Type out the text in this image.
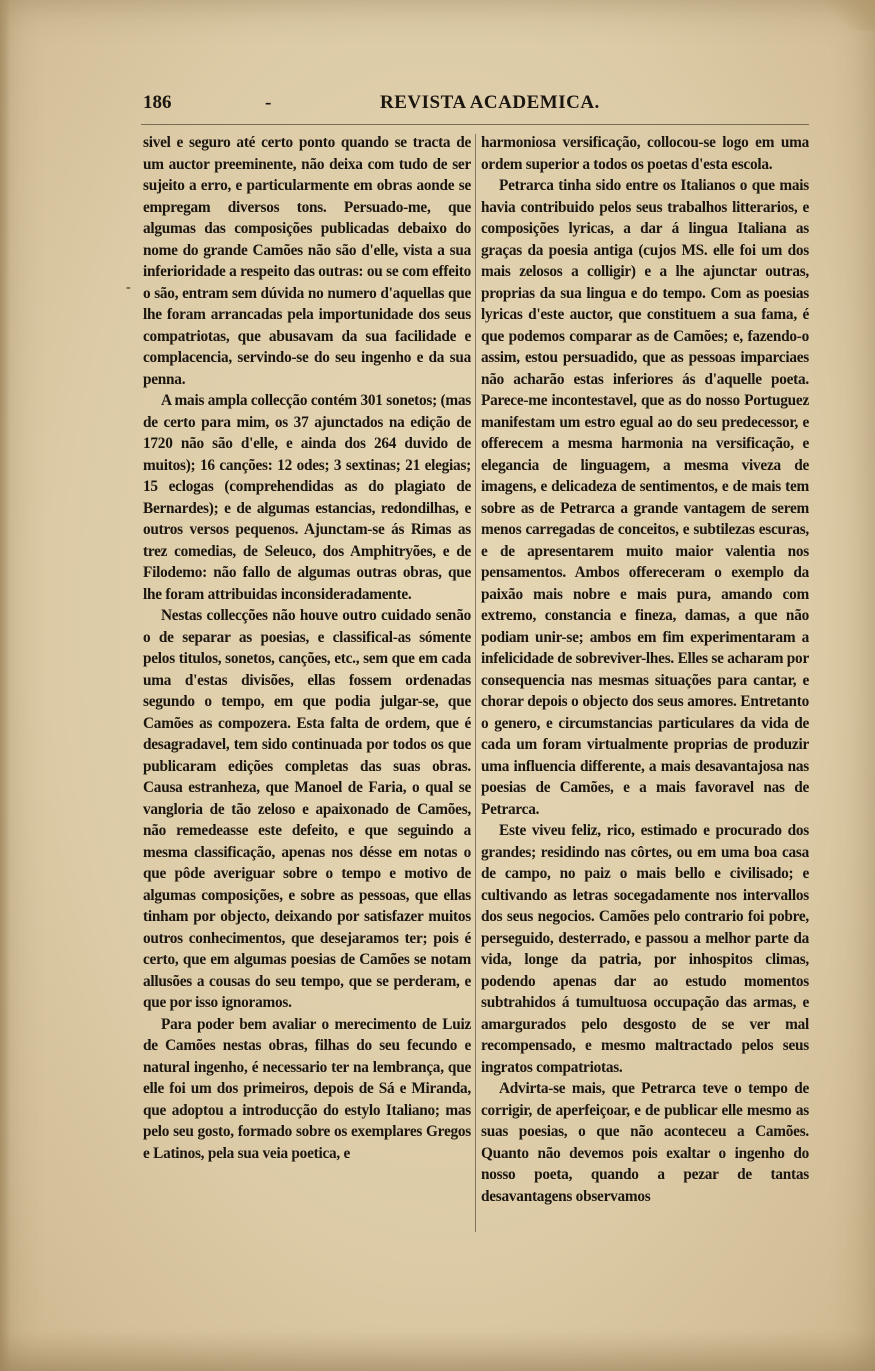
186	-	REVISTA ACADEMICA.
-

sivel e seguro até certo ponto quando se tracta de um auctor preeminente, não deixa com tudo de ser sujeito a erro, e particularmente em obras aonde se empregam diversos tons. Persuado-me, que algumas das composições publicadas debaixo do nome do grande Camões não são d'elle, vista a sua inferioridade a respeito das outras: ou se com effeito o são, entram sem dúvida no numero d'aquellas que lhe foram arrancadas pela importunidade dos seus compatriotas, que abusavam da sua facilidade e complacencia, servindo-se do seu ingenho e da sua penna.

A mais ampla collecção contém 301 sonetos; (mas de certo para mim, os 37 ajunctados na edição de 1720 não são d'elle, e ainda dos 264 duvido de muitos); 16 canções: 12 odes; 3 sextinas; 21 elegias; 15 eclogas (comprehendidas as do plagiato de Bernardes); e de algumas estancias, redondilhas, e outros versos pequenos. Ajunctam-se ás Rimas as trez comedias, de Seleuco, dos Amphitryões, e de Filodemo: não fallo de algumas outras obras, que lhe foram attribuidas inconsideradamente.

Nestas collecções não houve outro cuidado senão o de separar as poesias, e classifical-as sómente pelos titulos, sonetos, canções, etc., sem que em cada uma d'estas divisões, ellas fossem ordenadas segundo o tempo, em que podia julgar-se, que Camões as compozera. Esta falta de ordem, que é desagradavel, tem sido continuada por todos os que publicaram edições completas das suas obras. Causa estranheza, que Manoel de Faria, o qual se vangloria de tão zeloso e apaixonado de Camões, não remedeasse este defeito, e que seguindo a mesma classificação, apenas nos désse em notas o que pôde averiguar sobre o tempo e motivo de algumas composições, e sobre as pessoas, que ellas tinham por objecto, deixando por satisfazer muitos outros conhecimentos, que desejaramos ter; pois é certo, que em algumas poesias de Camões se notam allusões a cousas do seu tempo, que se perderam, e que por isso ignoramos.

Para poder bem avaliar o merecimento de Luiz de Camões nestas obras, filhas do seu fecundo e natural ingenho, é necessario ter na lembrança, que elle foi um dos primeiros, depois de Sá e Miranda, que adoptou a introducção do estylo Italiano; mas pelo seu gosto, formado sobre os exemplares Gregos e Latinos, pela sua veia poetica, e

harmoniosa versificação, collocou-se logo em uma ordem superior a todos os poetas d'esta escola.

Petrarca tinha sido entre os Italianos o que mais havia contribuido pelos seus trabalhos litterarios, e composições lyricas, a dar á lingua Italiana as graças da poesia antiga (cujos MS. elle foi um dos mais zelosos a colligir) e a lhe ajunctar outras, proprias da sua lingua e do tempo. Com as poesias lyricas d'este auctor, que constituem a sua fama, é que podemos comparar as de Camões; e, fazendo-o assim, estou persuadido, que as pessoas imparciaes não acharão estas inferiores ás d'aquelle poeta. Parece-me incontestavel, que as do nosso Portuguez manifestam um estro egual ao do seu predecessor, e offerecem a mesma harmonia na versificação, e elegancia de linguagem, a mesma viveza de imagens, e delicadeza de sentimentos, e de mais tem sobre as de Petrarca a grande vantagem de serem menos carregadas de conceitos, e subtilezas escuras, e de apresentarem muito maior valentia nos pensamentos. Ambos offereceram o exemplo da paixão mais nobre e mais pura, amando com extremo, constancia e fineza, damas, a que não podiam unir-se; ambos em fim experimentaram a infelicidade de sobreviver-lhes. Elles se acharam por consequencia nas mesmas situações para cantar, e chorar depois o objecto dos seus amores. Entretanto o genero, e circumstancias particulares da vida de cada um foram virtualmente proprias de produzir uma influencia differente, a mais desavantajosa nas poesias de Camões, e a mais favoravel nas de Petrarca.

Este viveu feliz, rico, estimado e procurado dos grandes; residindo nas côrtes, ou em uma boa casa de campo, no paiz o mais bello e civilisado; e cultivando as letras socegadamente nos intervallos dos seus negocios. Camões pelo contrario foi pobre, perseguido, desterrado, e passou a melhor parte da vida, longe da patria, por inhospitos climas, podendo apenas dar ao estudo momentos subtrahidos á tumultuosa occupação das armas, e amargurados pelo desgosto de se ver mal recompensado, e mesmo maltractado pelos seus ingratos compatriotas.

Advirta-se mais, que Petrarca teve o tempo de corrigir, de aperfeiçoar, e de publicar elle mesmo as suas poesias, o que não aconteceu a Camões. Quanto não devemos pois exaltar o ingenho do nosso poeta, quando a pezar de tantas desavantagens observamos
